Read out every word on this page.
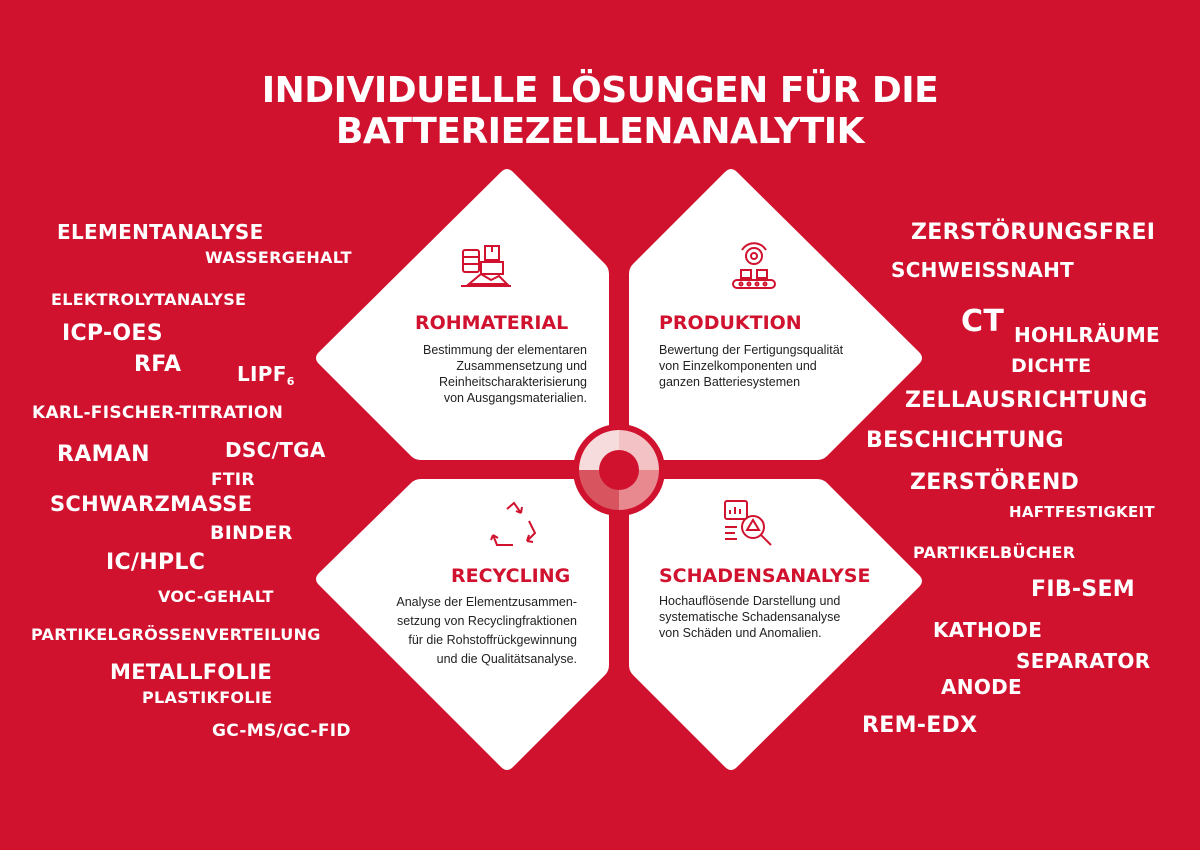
INDIVIDUELLE LÖSUNGEN FÜR DIE BATTERIEZELLENANALYTIK
ELEMENTANALYSE
WASSERGEHALT
ELEKTROLYTANALYSE
ICP-OES
RFA	$LIPF_6$
KARL-FISCHER-TITRATION
RAMAN	DSC/TGA
FTIR
SCHWARZMASSE
BINDER
IC/HPLC
VOC-GEHALT
PARTIKELGRÖSSENVERTEILUNG
METALLFOLIE
PLASTIKFOLIE
GC-MS/GC-FID
ZERSTÖRUNGSFREI
SCHWEISSNAHT
CT HOHLRÄUME
DICHTE
ZELLAUSRICHTUNG
BESCHICHTUNG
ZERSTÖREND
HAFTFESTIGKEIT
PARTIKELBÜCHER
FIB-SEM
KATHODE
SEPARATOR
ANODE
REM-EDX
ROHMATERIAL
Bestimmung der elementaren
Zusammensetzung und
Reinheitscharakterisierung
von Ausgangsmaterialien.
PRODUKTION
Bewertung der Fertigungsqualität
von Einzelkomponenten und
ganzen Batteriesystemen
RECYCLING
Analyse der Elementzusammen-
setzung von Recyclingfraktionen
für die Rohstoffrückgewinnung
und die Qualitätsanalyse.
SCHADENSANALYSE
Hochauflösende Darstellung und
systematische Schadensanalyse
von Schäden und Anomalien.
